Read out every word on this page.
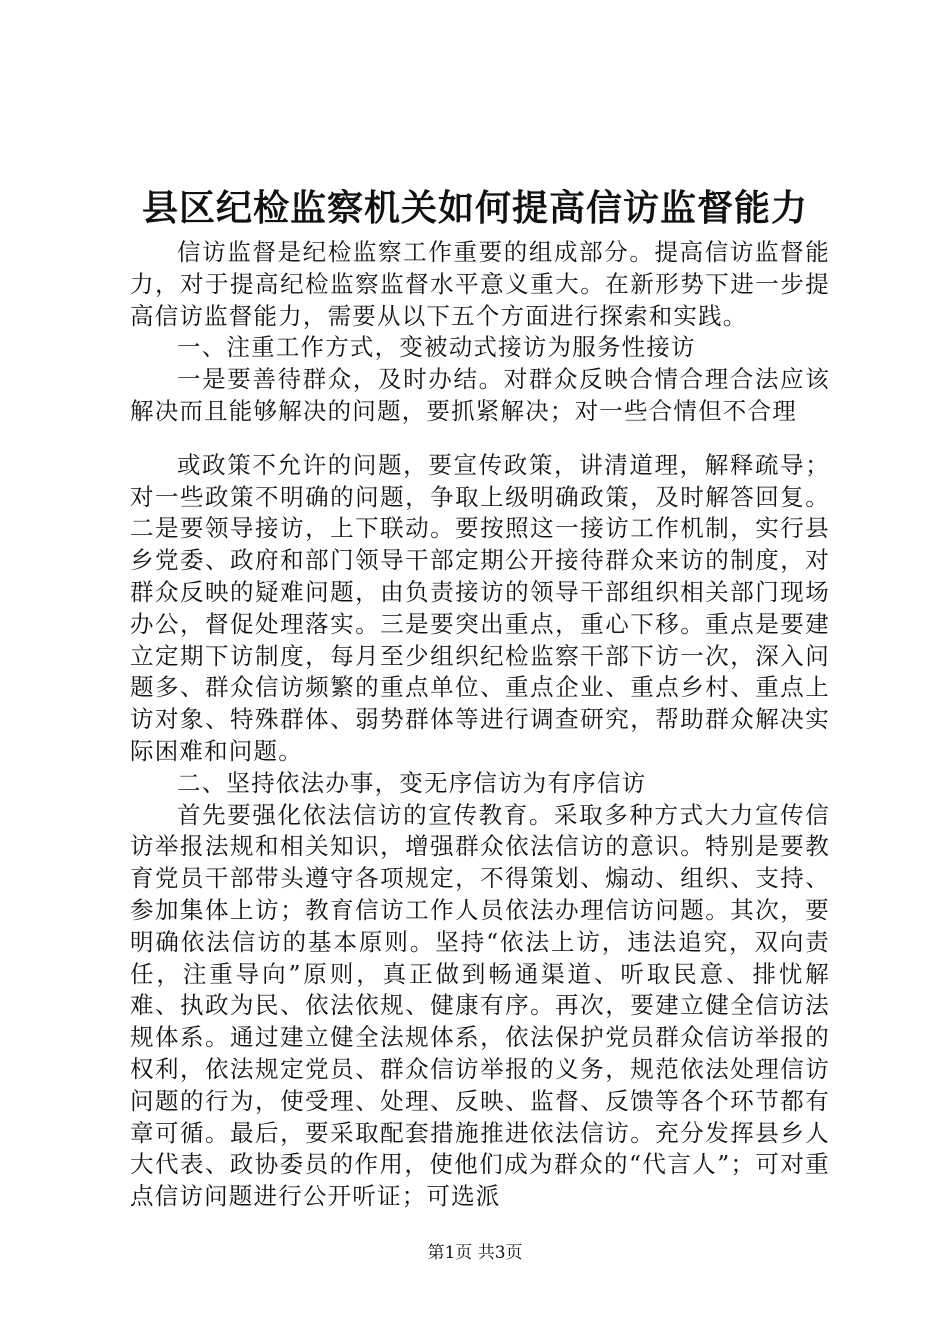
县区纪检监察机关如何提高信访监督能力

信访监督是纪检监察工作重要的组成部分。提高信访监督能力，对于提高纪检监察监督水平意义重大。在新形势下进一步提高信访监督能力，需要从以下五个方面进行探索和实践。

一、注重工作方式，变被动式接访为服务性接访

一是要善待群众，及时办结。对群众反映合情合理合法应该解决而且能够解决的问题，要抓紧解决；对一些合情但不合理

或政策不允许的问题，要宣传政策，讲清道理，解释疏导；对一些政策不明确的问题，争取上级明确政策，及时解答回复。二是要领导接访，上下联动。要按照这一接访工作机制，实行县乡党委、政府和部门领导干部定期公开接待群众来访的制度，对群众反映的疑难问题，由负责接访的领导干部组织相关部门现场办公，督促处理落实。三是要突出重点，重心下移。重点是要建立定期下访制度，每月至少组织纪检监察干部下访一次，深入问题多、群众信访频繁的重点单位、重点企业、重点乡村、重点上访对象、特殊群体、弱势群体等进行调查研究，帮助群众解决实际困难和问题。

二、坚持依法办事，变无序信访为有序信访

首先要强化依法信访的宣传教育。采取多种方式大力宣传信访举报法规和相关知识，增强群众依法信访的意识。特别是要教育党员干部带头遵守各项规定，不得策划、煽动、组织、支持、参加集体上访；教育信访工作人员依法办理信访问题。其次，要明确依法信访的基本原则。坚持“依法上访，违法追究，双向责任，注重导向”原则，真正做到畅通渠道、听取民意、排忧解难、执政为民、依法依规、健康有序。再次，要建立健全信访法规体系。通过建立健全法规体系，依法保护党员群众信访举报的权利，依法规定党员、群众信访举报的义务，规范依法处理信访问题的行为，使受理、处理、反映、监督、反馈等各个环节都有章可循。最后，要采取配套措施推进依法信访。充分发挥县乡人大代表、政协委员的作用，使他们成为群众的“代言人”；可对重点信访问题进行公开听证；可选派

第1页 共3页
